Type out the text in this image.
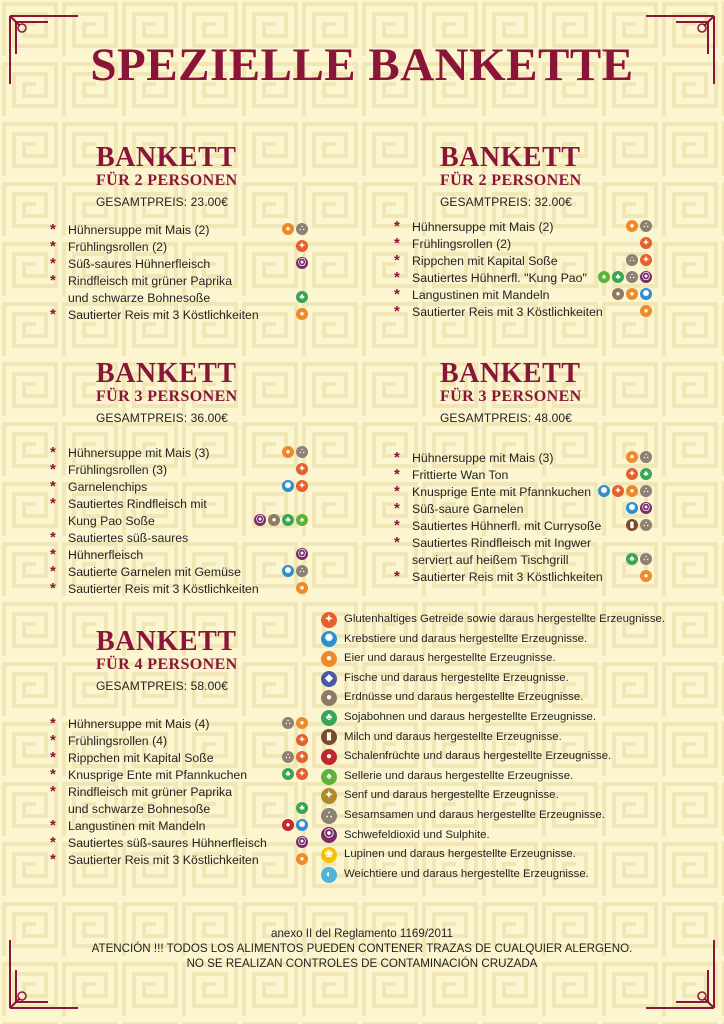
SPEZIELLE BANKETTE
BANKETT
FÜR 2 PERSONEN
GESAMTPREIS: 23.00€
* Hühnersuppe mit Mais (2)	●	∴
* Frühlingsrollen (2)	✦
* Süß-saures Hühnerfleisch	⦿
* Rindfleisch mit grüner Paprika
und schwarze Bohnesoße	♣
* Sautierter Reis mit 3 Köstlichkeiten	●
BANKETT
FÜR 2 PERSONEN
GESAMTPREIS: 32.00€
* Hühnersuppe mit Mais (2)	●	∴
* Frühlingsrollen (2)	✦
* Rippchen mit Kapital Soße	∴	✦
* Sautiertes Hühnerfl. "Kung Pao"	♠	♣	∴ ⦿
* Langustinen mit Mandeln	●	●	✺
* Sautierter Reis mit 3 Köstlichkeiten	●
BANKETT
FÜR 3 PERSONEN
GESAMTPREIS: 36.00€
* Hühnersuppe mit Mais (3)	●	∴
* Frühlingsrollen (3)	✦
* Garnelenchips	✺ ✦
* Sautiertes Rindfleisch mit
Kung Pao Soße	⦿ ●	♣	♠
* Sautiertes süß-saures
* Hühnerfleisch	⦿
* Sautierte Garnelen mit Gemüse	✺	∴
* Sautierter Reis mit 3 Köstlichkeiten	●
BANKETT
FÜR 3 PERSONEN
GESAMTPREIS: 48.00€
* Hühnersuppe mit Mais (3)	●	∴
* Frittierte Wan Ton	✦	♣
* Knusprige Ente mit Pfannkuchen	✺ ✦	●	∴
* Süß-saure Garnelen	✺ ⦿
* Sautiertes Hühnerfl. mit Currysoße	▮	∴
* Sautiertes Rindfleisch mit Ingwer
serviert auf heißem Tischgrill	♣	∴
* Sautierter Reis mit 3 Köstlichkeiten	●
BANKETT
FÜR 4 PERSONEN
GESAMTPREIS: 58.00€
* Hühnersuppe mit Mais (4)	∴	●
* Frühlingsrollen (4)	✦
* Rippchen mit Kapital Soße	∴	✦
* Knusprige Ente mit Pfannkuchen	♣	✦
* Rindfleisch mit grüner Paprika
und schwarze Bohnesoße	♣
* Langustinen mit Mandeln	●	✺
* Sautiertes süß-saures Hühnerfleisch	⦿
* Sautierter Reis mit 3 Köstlichkeiten	●
✦ Glutenhaltiges Getreide sowie daraus hergestellte Erzeugnisse.
✺ Krebstiere und daraus hergestellte Erzeugnisse.
●	Eier und daraus hergestellte Erzeugnisse.
◆ Fische und daraus hergestellte Erzeugnisse.
●	Erdnüsse und daraus hergestellte Erzeugnisse.
♣	Sojabohnen und daraus hergestellte Erzeugnisse.
▮	Milch und daraus hergestellte Erzeugnisse.
●	Schalenfrüchte und daraus hergestellte Erzeugnisse.
♠	Sellerie und daraus hergestellte Erzeugnisse.
✦ Senf und daraus hergestellte Erzeugnisse.
∴	Sesamsamen und daraus hergestellte Erzeugnisse.
⦿ Schwefeldioxid und Sulphite.
❀ Lupinen und daraus hergestellte Erzeugnisse.
◐	Weichtiere und daraus hergestellte Erzeugnisse.
anexo II del Reglamento 1169/2011
ATENCIÓN !!! TODOS LOS ALIMENTOS PUEDEN CONTENER TRAZAS DE CUALQUIER ALERGENO.
NO SE REALIZAN CONTROLES DE CONTAMINACIÓN CRUZADA
